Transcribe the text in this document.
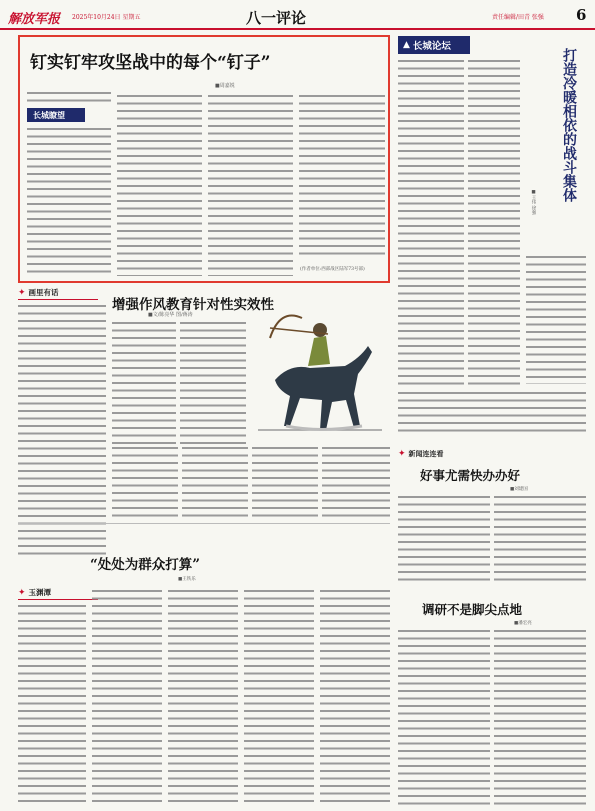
解放军报 2025年10月24日 星期五	八一评论	责任编辑/田青 张强 6
钉实钉牢攻坚战中的每个“钉子”
■周嘉锐
长城瞭望
(作者单位:西部战区陆军73号部)
▲ 长城论坛
打造冷暖相依的战斗集体
■王伟 徐强
✦ 画里有话
增强作风教育针对性实效性
■文/陈亮华 图/蒋涛
✦ 新闻连连看
好事尤需快办办好
■刘建国
调研不是脚尖点地
■潘宏亮
“处处为群众打算”
■王铁乐
✦ 玉渊潭
